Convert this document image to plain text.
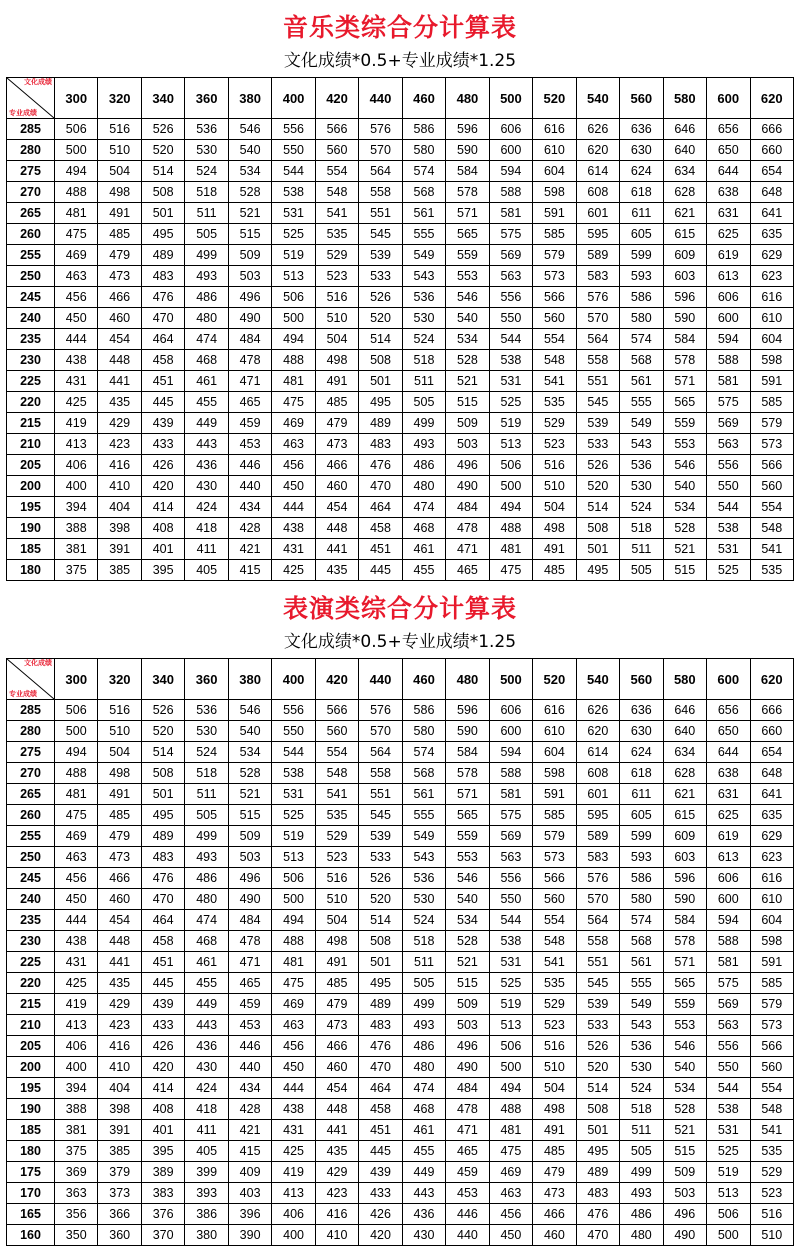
音乐类综合分计算表
文化成绩*0.5+专业成绩*1.25
文化成绩
专业成绩	300	320	340	360	380	400	420	440	460	480	500	520	540	560	580	600	620
285	506	516	526	536	546	556	566	576	586	596	606	616	626	636	646	656	666
280	500	510	520	530	540	550	560	570	580	590	600	610	620	630	640	650	660
275	494	504	514	524	534	544	554	564	574	584	594	604	614	624	634	644	654
270	488	498	508	518	528	538	548	558	568	578	588	598	608	618	628	638	648
265	481	491	501	511	521	531	541	551	561	571	581	591	601	611	621	631	641
260	475	485	495	505	515	525	535	545	555	565	575	585	595	605	615	625	635
255	469	479	489	499	509	519	529	539	549	559	569	579	589	599	609	619	629
250	463	473	483	493	503	513	523	533	543	553	563	573	583	593	603	613	623
245	456	466	476	486	496	506	516	526	536	546	556	566	576	586	596	606	616
240	450	460	470	480	490	500	510	520	530	540	550	560	570	580	590	600	610
235	444	454	464	474	484	494	504	514	524	534	544	554	564	574	584	594	604
230	438	448	458	468	478	488	498	508	518	528	538	548	558	568	578	588	598
225	431	441	451	461	471	481	491	501	511	521	531	541	551	561	571	581	591
220	425	435	445	455	465	475	485	495	505	515	525	535	545	555	565	575	585
215	419	429	439	449	459	469	479	489	499	509	519	529	539	549	559	569	579
210	413	423	433	443	453	463	473	483	493	503	513	523	533	543	553	563	573
205	406	416	426	436	446	456	466	476	486	496	506	516	526	536	546	556	566
200	400	410	420	430	440	450	460	470	480	490	500	510	520	530	540	550	560
195	394	404	414	424	434	444	454	464	474	484	494	504	514	524	534	544	554
190	388	398	408	418	428	438	448	458	468	478	488	498	508	518	528	538	548
185	381	391	401	411	421	431	441	451	461	471	481	491	501	511	521	531	541
180	375	385	395	405	415	425	435	445	455	465	475	485	495	505	515	525	535
表演类综合分计算表
文化成绩*0.5+专业成绩*1.25
文化成绩
专业成绩	300	320	340	360	380	400	420	440	460	480	500	520	540	560	580	600	620
285	506	516	526	536	546	556	566	576	586	596	606	616	626	636	646	656	666
280	500	510	520	530	540	550	560	570	580	590	600	610	620	630	640	650	660
275	494	504	514	524	534	544	554	564	574	584	594	604	614	624	634	644	654
270	488	498	508	518	528	538	548	558	568	578	588	598	608	618	628	638	648
265	481	491	501	511	521	531	541	551	561	571	581	591	601	611	621	631	641
260	475	485	495	505	515	525	535	545	555	565	575	585	595	605	615	625	635
255	469	479	489	499	509	519	529	539	549	559	569	579	589	599	609	619	629
250	463	473	483	493	503	513	523	533	543	553	563	573	583	593	603	613	623
245	456	466	476	486	496	506	516	526	536	546	556	566	576	586	596	606	616
240	450	460	470	480	490	500	510	520	530	540	550	560	570	580	590	600	610
235	444	454	464	474	484	494	504	514	524	534	544	554	564	574	584	594	604
230	438	448	458	468	478	488	498	508	518	528	538	548	558	568	578	588	598
225	431	441	451	461	471	481	491	501	511	521	531	541	551	561	571	581	591
220	425	435	445	455	465	475	485	495	505	515	525	535	545	555	565	575	585
215	419	429	439	449	459	469	479	489	499	509	519	529	539	549	559	569	579
210	413	423	433	443	453	463	473	483	493	503	513	523	533	543	553	563	573
205	406	416	426	436	446	456	466	476	486	496	506	516	526	536	546	556	566
200	400	410	420	430	440	450	460	470	480	490	500	510	520	530	540	550	560
195	394	404	414	424	434	444	454	464	474	484	494	504	514	524	534	544	554
190	388	398	408	418	428	438	448	458	468	478	488	498	508	518	528	538	548
185	381	391	401	411	421	431	441	451	461	471	481	491	501	511	521	531	541
180	375	385	395	405	415	425	435	445	455	465	475	485	495	505	515	525	535
175	369	379	389	399	409	419	429	439	449	459	469	479	489	499	509	519	529
170	363	373	383	393	403	413	423	433	443	453	463	473	483	493	503	513	523
165	356	366	376	386	396	406	416	426	436	446	456	466	476	486	496	506	516
160	350	360	370	380	390	400	410	420	430	440	450	460	470	480	490	500	510
